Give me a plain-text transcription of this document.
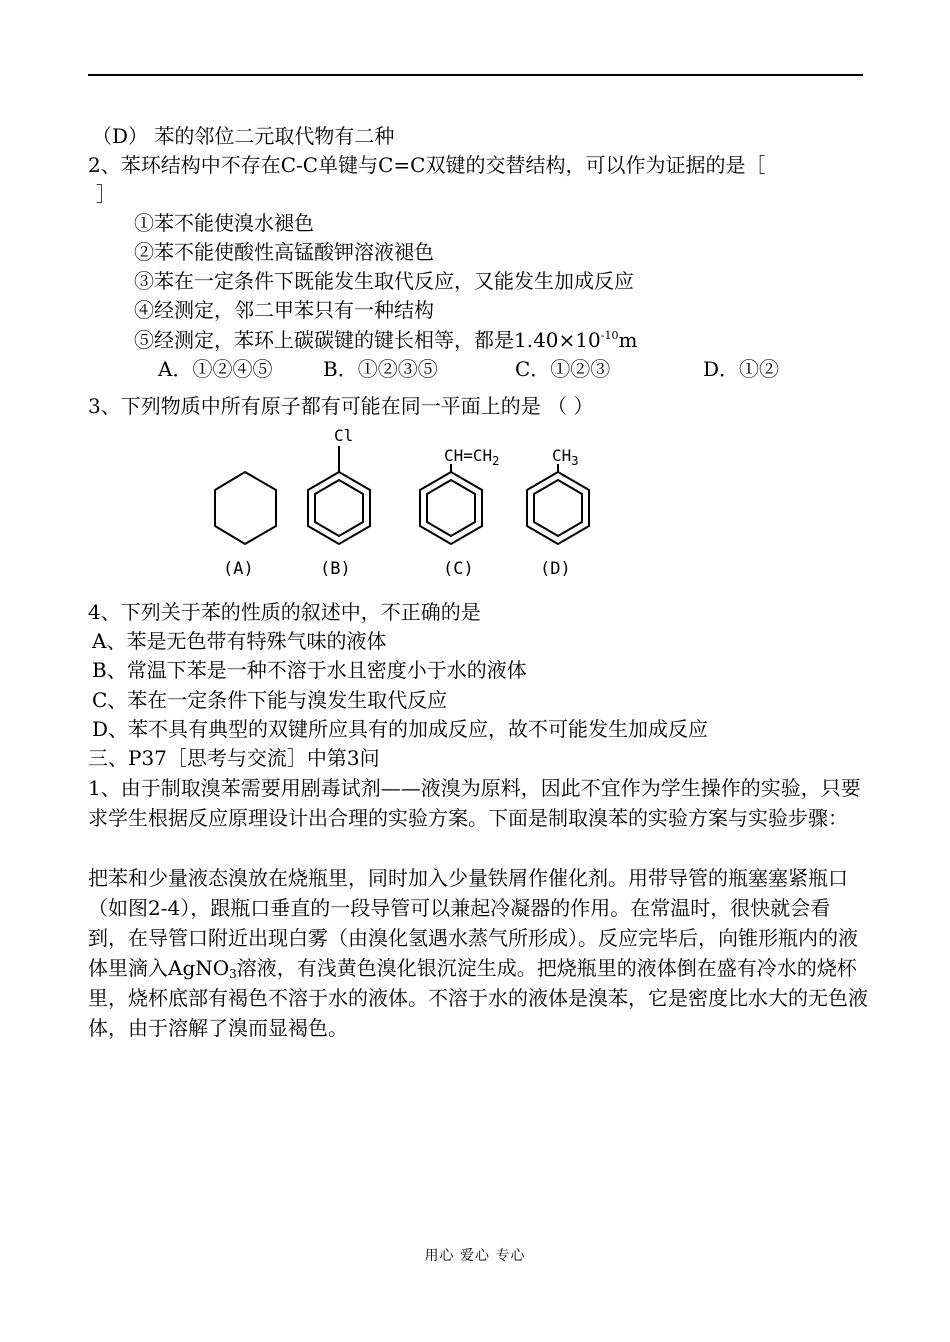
（D） 苯的邻位二元取代物有二种
2、苯环结构中不存在C-C单键与C=C双键的交替结构，可以作为证据的是［
］
①苯不能使溴水褪色
②苯不能使酸性高锰酸钾溶液褪色
③苯在一定条件下既能发生取代反应，又能发生加成反应
④经测定，邻二甲苯只有一种结构
⑤经测定，苯环上碳碳键的键长相等，都是$1.40\times 10^{-10}m$
A．①②④⑤	B．①②③⑤	C．①②③	D．①②
3、下列物质中所有原子都有可能在同一平面上的是 （ ）
Cl
$CH=CH_2$	$CH_3$
(A)	(B)	(C)	(D)
4、下列关于苯的性质的叙述中，不正确的是
A、苯是无色带有特殊气味的液体
B、常温下苯是一种不溶于水且密度小于水的液体
C、苯在一定条件下能与溴发生取代反应
D、苯不具有典型的双键所应具有的加成反应，故不可能发生加成反应
三、P37［思考与交流］中第3问
1、由于制取溴苯需要用剧毒试剂——液溴为原料，因此不宜作为学生操作的实验，只要求学生根据反应原理设计出合理的实验方案。下面是制取溴苯的实验方案与实验步骤：
把苯和少量液态溴放在烧瓶里，同时加入少量铁屑作催化剂。用带导管的瓶塞塞紧瓶口（如图2-4），跟瓶口垂直的一段导管可以兼起冷凝器的作用。在常温时，很快就会看到，在导管口附近出现白雾（由溴化氢遇水蒸气所形成）。反应完毕后，向锥形瓶内的液体里滴入AgNO$_3$溶液，有浅黄色溴化银沉淀生成。把烧瓶里的液体倒在盛有冷水的烧杯里，烧杯底部有褐色不溶于水的液体。不溶于水的液体是溴苯，它是密度比水大的无色液体，由于溶解了溴而显褐色。
用心 爱心 专心
